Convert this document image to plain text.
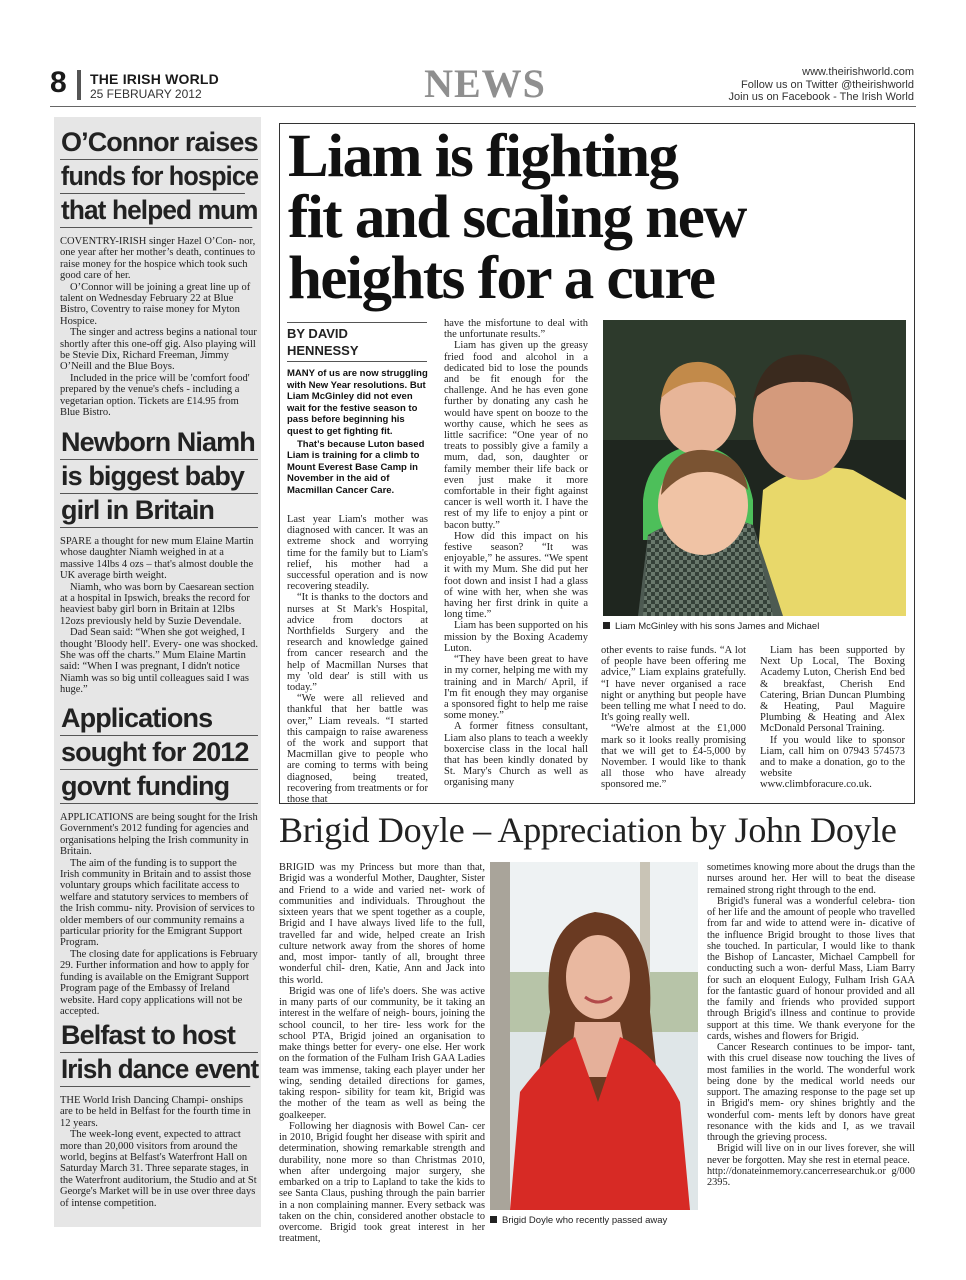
8 THE IRISH WORLD
25 FEBRUARY 2012	NEWS	www.theirishworld.com
Follow us on Twitter @theirishworld
Join us on Facebook - The Irish World
O’Connor raises
funds for hospice
that helped mum

COVENTRY-IRISH singer Hazel O’Con- nor, one year after her mother’s death, continues to raise money for the hospice which took such good care of her.

O’Connor will be joining a great line up of talent on Wednesday February 22 at Blue Bistro, Coventry to raise money for Myton Hospice.

The singer and actress begins a national tour shortly after this one-off gig. Also playing will be Stevie Dix, Richard Freeman, Jimmy O’Neill and the Blue Boys.

Included in the price will be 'comfort food' prepared by the venue's chefs - including a vegetarian option. Tickets are £14.95 from Blue Bistro.

Newborn Niamh
is biggest baby
girl in Britain

SPARE a thought for new mum Elaine Martin whose daughter Niamh weighed in at a massive 14lbs 4 ozs – that's almost double the UK average birth weight.

Niamh, who was born by Caesarean section at a hospital in Ipswich, breaks the record for heaviest baby girl born in Britain at 12lbs 12ozs previously held by Suzie Devendale.

Dad Sean said: “When she got weighed, I thought 'Bloody hell'. Every- one was shocked. She was off the charts.” Mum Elaine Martin said: “When I was pregnant, I didn't notice Niamh was so big until colleagues said I was huge.”

Applications
sought for 2012
govnt funding

APPLICATIONS are being sought for the Irish Government's 2012 funding for agencies and organisations helping the Irish community in Britain.

The aim of the funding is to support the Irish community in Britain and to assist those voluntary groups which facilitate access to welfare and statutory services to members of the Irish commu- nity. Provision of services to older members of our community remains a particular priority for the Emigrant Support Program.

The closing date for applications is February 29. Further information and how to apply for funding is available on the Emigrant Support Program page of the Embassy of Ireland website. Hard copy applications will not be accepted.

Belfast to host
Irish dance event

THE World Irish Dancing Champi- onships are to be held in Belfast for the fourth time in 12 years.

The week-long event, expected to attract more than 20,000 visitors from around the world, begins at Belfast's Waterfront Hall on Saturday March 31. Three separate stages, in the Waterfront auditorium, the Studio and at St George's Market will be in use over three days of intense competition.

Liam is fighting
fit and scaling new
heights for a cure
BY DAVID
HENNESSY

MANY of us are now struggling with New Year resolutions. But Liam McGinley did not even wait for the festive season to pass before beginning his quest to get fighting fit.

That’s because Luton based Liam is training for a climb to Mount Everest Base Camp in November in the aid of Macmillan Cancer Care.

Last year Liam's mother was diagnosed with cancer. It was an extreme shock and worrying time for the family but to Liam's relief, his mother had a successful operation and is now recovering steadily.

“It is thanks to the doctors and nurses at St Mark's Hospital, advice from doctors at Northfields Surgery and the research and knowledge gained from cancer research and the help of Macmillan Nurses that my 'old dear' is still with us today.”

“We were all relieved and thankful that her battle was over,” Liam reveals. “I started this campaign to raise awareness of the work and support that Macmillan give to people who are coming to terms with being diagnosed, being treated, recovering from treatments or for those that

have the misfortune to deal with the unfortunate results.”

Liam has given up the greasy fried food and alcohol in a dedicated bid to lose the pounds and be fit enough for the challenge. And he has even gone further by donating any cash he would have spent on booze to the worthy cause, which he sees as little sacrifice: “One year of no treats to possibly give a family a mum, dad, son, daughter or family member their life back or even just make it more comfortable in their fight against cancer is well worth it. I have the rest of my life to enjoy a pint or bacon butty.”

How did this impact on his festive season? “It was enjoyable,” he assures. “We spent it with my Mum. She did put her foot down and insist I had a glass of wine with her, when she was having her first drink in quite a long time.”

Liam has been supported on his mission by the Boxing Academy Luton.

“They have been great to have in my corner, helping me with my training and in March/ April, if I'm fit enough they may organise a sponsored fight to help me raise some money.”

A former fitness consultant, Liam also plans to teach a weekly boxercise class in the local hall that has been kindly donated by St. Mary's Church as well as organising many

Liam McGinley with his sons James and Michael

other events to raise funds. “A lot of people have been offering me advice,” Liam explains gratefully. “I have never organised a race night or anything but people have been telling me what I need to do. It's going really well.

“We're almost at the £1,000 mark so it looks really promising that we will get to £4-5,000 by November. I would like to thank all those who have already sponsored me.”

Liam has been supported by Next Up Local, The Boxing Academy Luton, Cherish End bed & breakfast, Cherish End Catering, Brian Duncan Plumbing & Heating, Paul Maguire Plumbing & Heating and Alex McDonald Personal Training.

If you would like to sponsor Liam, call him on 07943 574573 and to make a donation, go to the website www.climbforacure.co.uk.

Brigid Doyle – Appreciation by John Doyle

BRIGID was my Princess but more than that, Brigid was a wonderful Mother, Daughter, Sister and Friend to a wide and varied net- work of communities and individuals. Throughout the sixteen years that we spent together as a couple, Brigid and I have always lived life to the full, travelled far and wide, helped create an Irish culture network away from the shores of home and, most impor- tantly of all, brought three wonderful chil- dren, Katie, Ann and Jack into this world.

Brigid was one of life's doers. She was active in many parts of our community, be it taking an interest in the welfare of neigh- bours, joining the school council, to her tire- less work for the school PTA, Brigid joined an organisation to make things better for every- one else. Her work on the formation of the Fulham Irish GAA Ladies team was immense, taking each player under her wing, sending detailed directions for games, taking respon- sibility for team kit, Brigid was the mother of the team as well as being the goalkeeper.

Following her diagnosis with Bowel Can- cer in 2010, Brigid fought her disease with spirit and determination, showing remarkable strength and durability, none more so than Christmas 2010, when after undergoing major surgery, she embarked on a trip to Lapland to take the kids to see Santa Claus, pushing through the pain barrier in a non complaining manner. Every setback was taken on the chin, considered another obstacle to overcome. Brigid took great interest in her treatment,

Brigid Doyle who recently passed away

sometimes knowing more about the drugs than the nurses around her. Her will to beat the disease remained strong right through to the end.

Brigid's funeral was a wonderful celebra- tion of her life and the amount of people who travelled from far and wide to attend were in- dicative of the influence Brigid brought to those lives that she touched. In particular, I would like to thank the Bishop of Lancaster, Michael Campbell for conducting such a won- derful Mass, Liam Barry for such an eloquent Eulogy, Fulham Irish GAA for the fantastic guard of honour provided and all the family and friends who provided support through Brigid's illness and continue to provide support at this time. We thank everyone for the cards, wishes and flowers for Brigid.

Cancer Research continues to be impor- tant, with this cruel disease now touching the lives of most families in the world. The wonderful work being done by the medical world needs our support. The amazing response to the page set up in Brigid's mem- ory shines brightly and the wonderful com- ments left by donors have great resonance with the kids and I, as we travail through the grieving process.

Brigid will live on in our lives forever, she will never be forgotten. May she rest in eternal peace.

http://donateinmemory.cancerresearchuk.or g/0002395.
